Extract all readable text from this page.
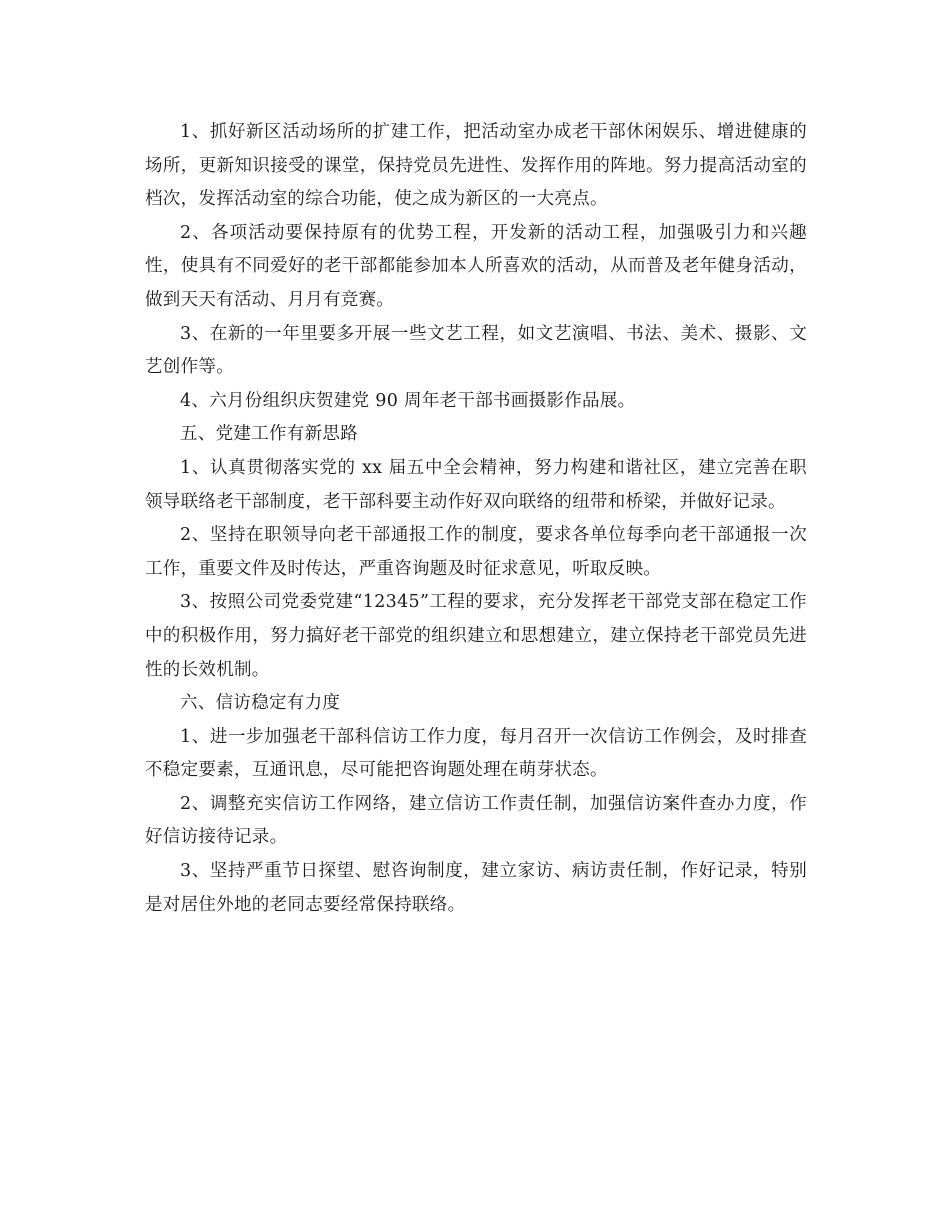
1、抓好新区活动场所的扩建工作，把活动室办成老干部休闲娱乐、增进健康的场所，更新知识接受的课堂，保持党员先进性、发挥作用的阵地。努力提高活动室的档次，发挥活动室的综合功能，使之成为新区的一大亮点。

2、各项活动要保持原有的优势工程，开发新的活动工程，加强吸引力和兴趣性，使具有不同爱好的老干部都能参加本人所喜欢的活动，从而普及老年健身活动，做到天天有活动、月月有竞赛。

3、在新的一年里要多开展一些文艺工程，如文艺演唱、书法、美术、摄影、文艺创作等。

4、六月份组织庆贺建党 90 周年老干部书画摄影作品展。

五、党建工作有新思路

1、认真贯彻落实党的 xx 届五中全会精神，努力构建和谐社区，建立完善在职领导联络老干部制度，老干部科要主动作好双向联络的纽带和桥梁，并做好记录。

2、坚持在职领导向老干部通报工作的制度，要求各单位每季向老干部通报一次工作，重要文件及时传达，严重咨询题及时征求意见，听取反映。

3、按照公司党委党建“12345”工程的要求，充分发挥老干部党支部在稳定工作中的积极作用，努力搞好老干部党的组织建立和思想建立，建立保持老干部党员先进性的长效机制。

六、信访稳定有力度

1、进一步加强老干部科信访工作力度，每月召开一次信访工作例会，及时排查不稳定要素，互通讯息，尽可能把咨询题处理在萌芽状态。

2、调整充实信访工作网络，建立信访工作责任制，加强信访案件查办力度，作好信访接待记录。

3、坚持严重节日探望、慰咨询制度，建立家访、病访责任制，作好记录，特别是对居住外地的老同志要经常保持联络。
